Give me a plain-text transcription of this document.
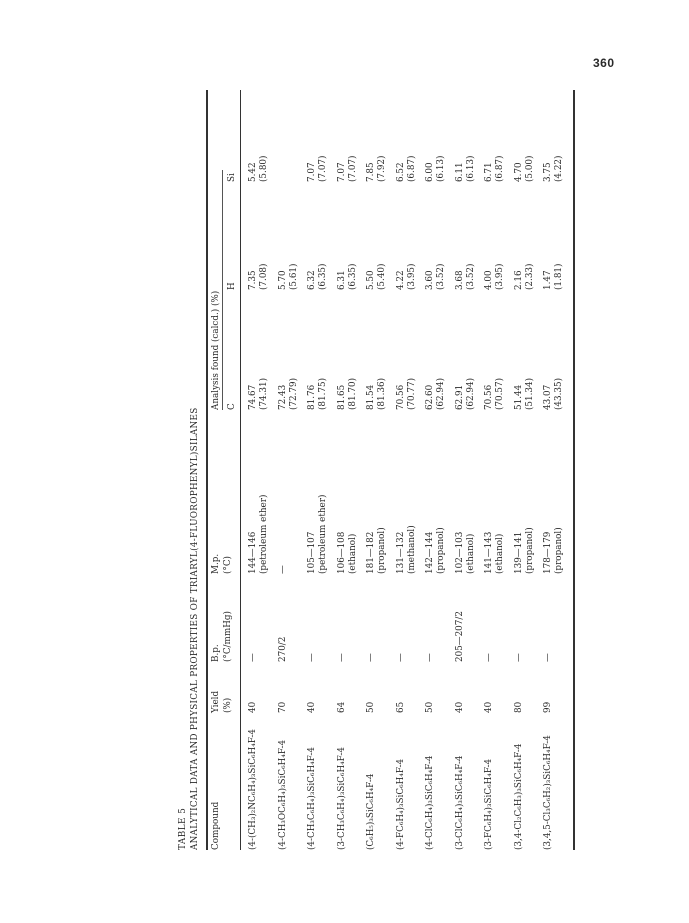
360
TABLE 5 ANALYTICAL DATA AND PHYSICAL PROPERTIES OF TRIARYL(4-FLUOROPHENYL)SILANES Compound
Yield (%)
B.p. (°C/mmHg)
M.p. (°C)
Analysis found (calcd.) (%) C
H
Si
(4-(CH₃)₂NC₆H₄)₃SiC₆H₄F-4
40
—
144—146 (petroleum ether)
74.67 (74.31)
7.35 (7.08)
5.42 (5.80)
(4-CH₃OC₆H₄)₃SiC₆H₄F-4
70
270/2
—
72.43 (72.79)
5.70 (5.61)
(4-CH₃C₆H₄)₃SiC₆H₄F-4
40
—
105—107 (petroleum ether)
81.76 (81.75)
6.32 (6.35)
7.07 (7.07)
(3-CH₃C₆H₄)₃SiC₆H₄F-4
64
—
106—108 (ethanol)
81.65 (81.70)
6.31 (6.35)
7.07 (7.07)
(C₆H₅)₃SiC₆H₄F-4
50
—
181—182 (propanol)
81.54 (81.36)
5.50 (5.40)
7.85 (7.92)
(4-FC₆H₄)₃SiC₆H₄F-4
65
—
131—132 (methanol)
70.56 (70.77)
4.22 (3.95)
6.52 (6.87)
(4-ClC₆H₄)₃SiC₆H₄F-4
50
—
142—144 (propanol)
62.60 (62.94)
3.60 (3.52)
6.00 (6.13)
(3-ClC₆H₄)₃SiC₆H₄F-4
40
205—207/2
102—103 (ethanol)
62.91 (62.94)
3.68 (3.52)
6.11 (6.13)
(3-FC₆H₄)₃SiC₆H₄F-4
40
—
141—143 (ethanol)
70.56 (70.57)
4.00 (3.95)
6.71 (6.87)
(3,4-Cl₂C₆H₃)₃SiC₆H₄F-4
80
—
139—141 (propanol)
51.44 (51.34)
2.16 (2.33)
4.70 (5.00)
(3,4,5-Cl₃C₆H₂)₃SiC₆H₄F-4
99
—
178—179 (propanol)
43.07 (43.35)
1.47 (1.81)
3.75 (4.22)
